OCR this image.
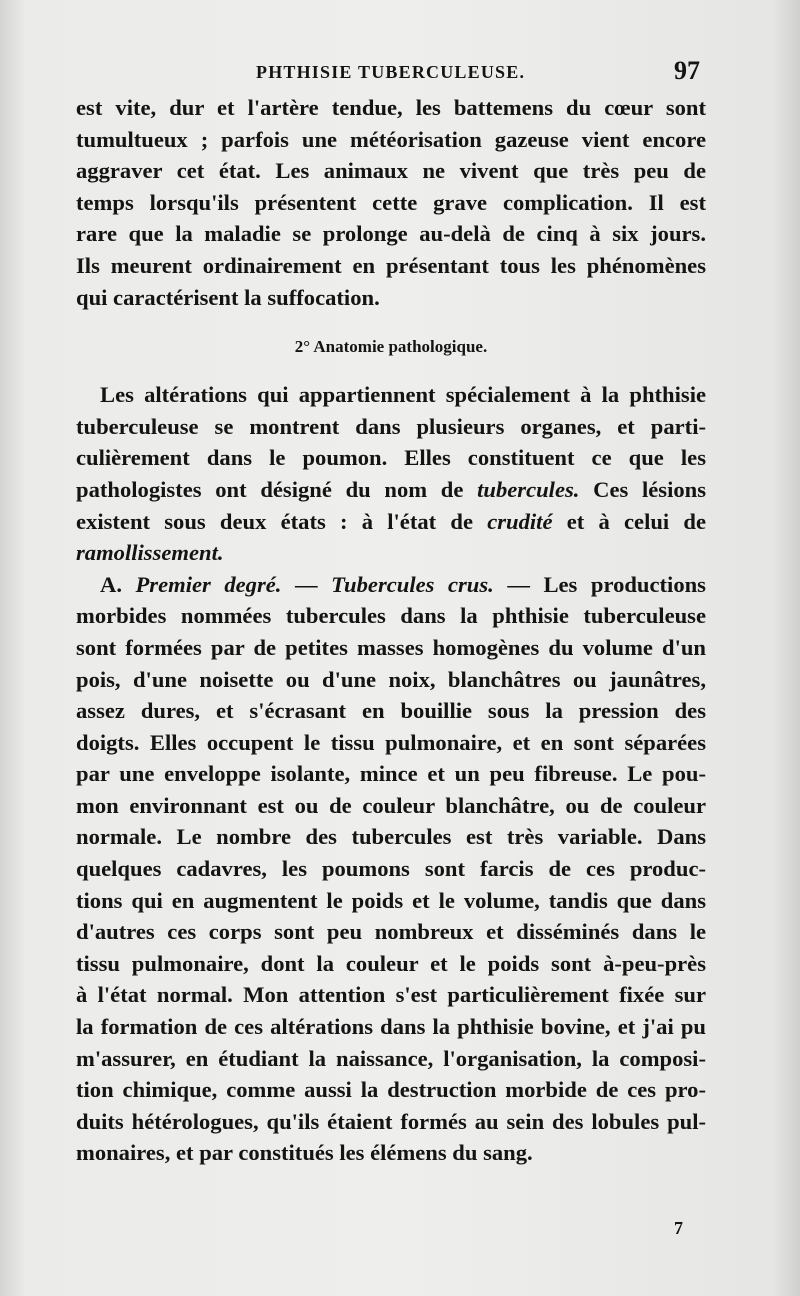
PHTHISIE TUBERCULEUSE.	97
est vite, dur et l'artère tendue, les battemens du cœur sont
tumultueux ; parfois une météorisation gazeuse vient encore
aggraver cet état. Les animaux ne vivent que très peu de
temps lorsqu'ils présentent cette grave complication. Il est
rare que la maladie se prolonge au-delà de cinq à six jours.
Ils meurent ordinairement en présentant tous les phénomènes
qui caractérisent la suffocation.
2° Anatomie pathologique.
Les altérations qui appartiennent spécialement à la phthisie
tuberculeuse se montrent dans plusieurs organes, et parti-
culièrement dans le poumon. Elles constituent ce que les
pathologistes ont désigné du nom de tubercules. Ces lésions
existent sous deux états : à l'état de crudité et à celui de
ramollissement.
A. Premier degré. — Tubercules crus. — Les productions
morbides nommées tubercules dans la phthisie tuberculeuse
sont formées par de petites masses homogènes du volume d'un
pois, d'une noisette ou d'une noix, blanchâtres ou jaunâtres,
assez dures, et s'écrasant en bouillie sous la pression des
doigts. Elles occupent le tissu pulmonaire, et en sont séparées
par une enveloppe isolante, mince et un peu fibreuse. Le pou-
mon environnant est ou de couleur blanchâtre, ou de couleur
normale. Le nombre des tubercules est très variable. Dans
quelques cadavres, les poumons sont farcis de ces produc-
tions qui en augmentent le poids et le volume, tandis que dans
d'autres ces corps sont peu nombreux et disséminés dans le
tissu pulmonaire, dont la couleur et le poids sont à-peu-près
à l'état normal. Mon attention s'est particulièrement fixée sur
la formation de ces altérations dans la phthisie bovine, et j'ai pu
m'assurer, en étudiant la naissance, l'organisation, la composi-
tion chimique, comme aussi la destruction morbide de ces pro-
duits hétérologues, qu'ils étaient formés au sein des lobules pul-
monaires, et par constitués les élémens du sang.
7
